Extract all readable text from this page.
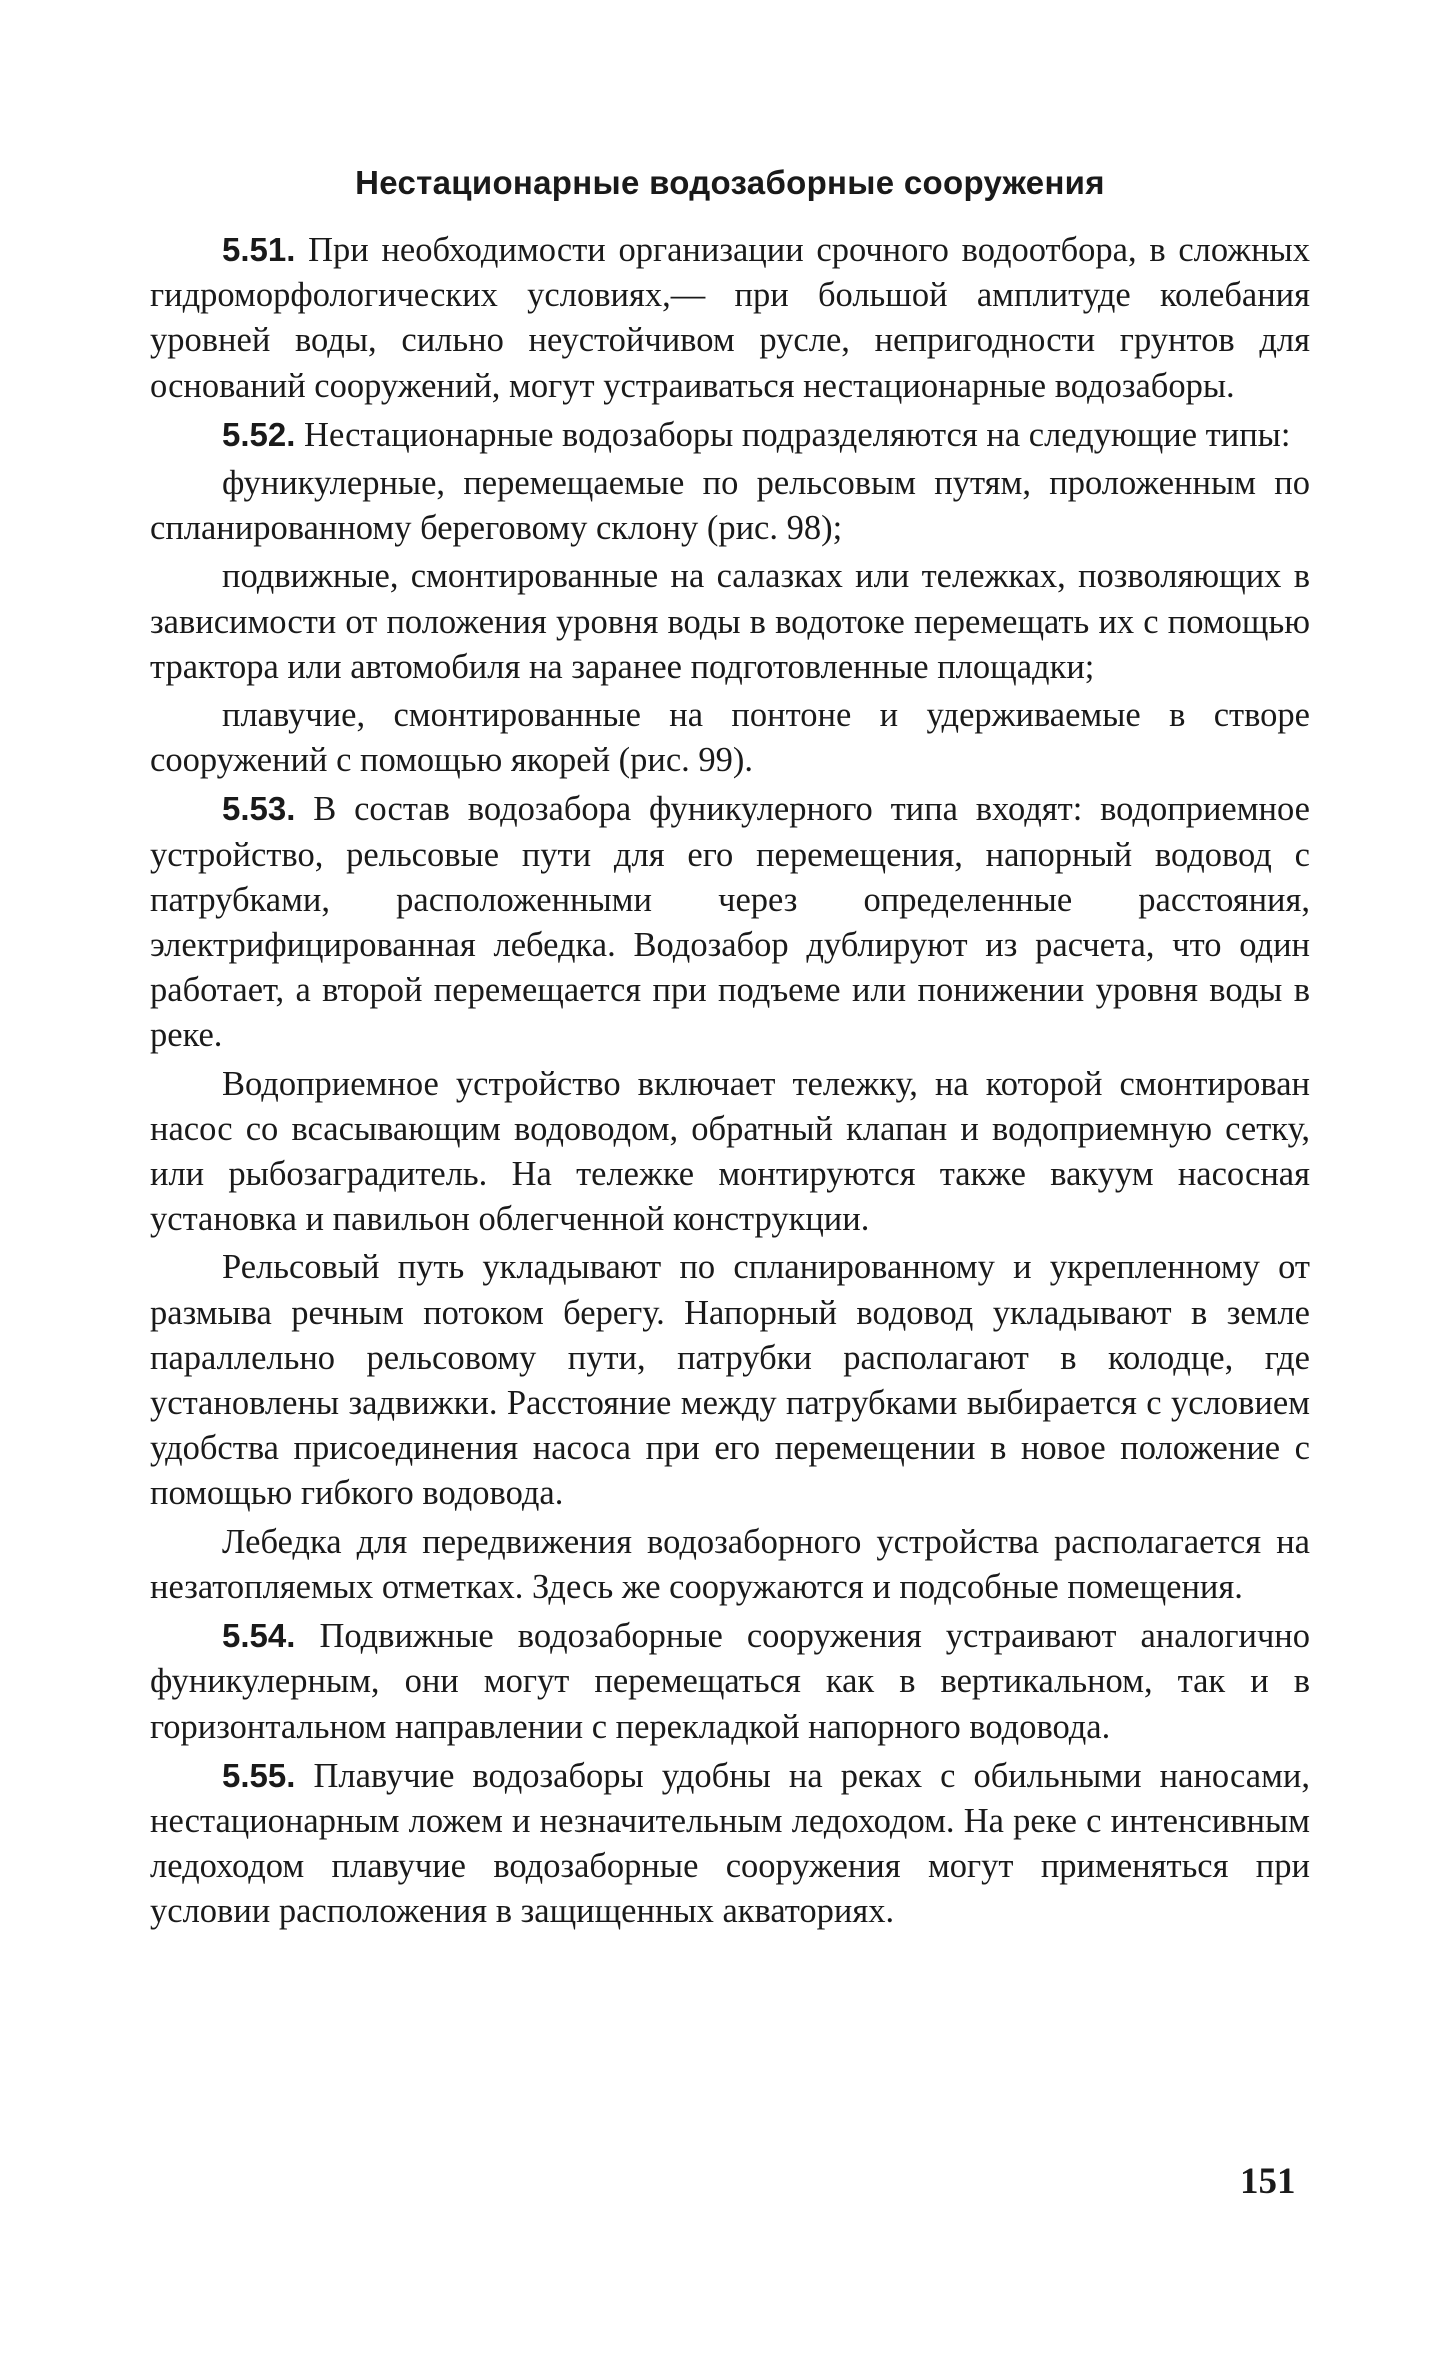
Нестационарные водозаборные сооружения

5.51. При необходимости организации срочного водоотбора, в сложных гидроморфологических условиях,— при большой амплитуде колебания уровней воды, сильно неустойчивом русле, непригодности грунтов для оснований сооружений, могут устраиваться нестационарные водозаборы.

5.52. Нестационарные водозаборы подразделяются на следующие типы:

фуникулерные, перемещаемые по рельсовым путям, проложенным по спланированному береговому склону (рис. 98);

подвижные, смонтированные на салазках или тележках, позволяющих в зависимости от положения уровня воды в водотоке перемещать их с помощью трактора или автомобиля на заранее подготовленные площадки;

плавучие, смонтированные на понтоне и удерживаемые в створе сооружений с помощью якорей (рис. 99).

5.53. В состав водозабора фуникулерного типа входят: водоприемное устройство, рельсовые пути для его перемещения, напорный водовод с патрубками, расположенными через определенные расстояния, электрифицированная лебедка. Водозабор дублируют из расчета, что один работает, а второй перемещается при подъеме или понижении уровня воды в реке.

Водоприемное устройство включает тележку, на которой смонтирован насос со всасывающим водоводом, обратный клапан и водоприемную сетку, или рыбозаградитель. На тележке монтируются также вакуум насосная установка и павильон облегченной конструкции.

Рельсовый путь укладывают по спланированному и укрепленному от размыва речным потоком берегу. Напорный водовод укладывают в земле параллельно рельсовому пути, патрубки располагают в колодце, где установлены задвижки. Расстояние между патрубками выбирается с условием удобства присоединения насоса при его перемещении в новое положение с помощью гибкого водовода.

Лебедка для передвижения водозаборного устройства располагается на незатопляемых отметках. Здесь же сооружаются и подсобные помещения.

5.54. Подвижные водозаборные сооружения устраивают аналогично фуникулерным, они могут перемещаться как в вертикальном, так и в горизонтальном направлении с перекладкой напорного водовода.

5.55. Плавучие водозаборы удобны на реках с обильными наносами, нестационарным ложем и незначительным ледоходом. На реке с интенсивным ледоходом плавучие водозаборные сооружения могут применяться при условии расположения в защищенных акваториях.

151
